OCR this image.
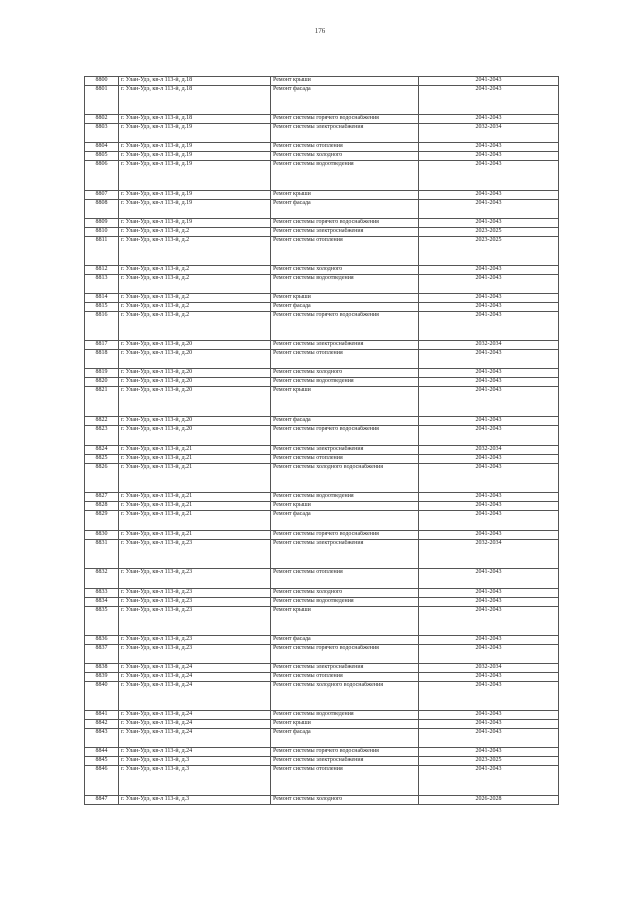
176
8800	г. Улан-Удэ, кв-л 113-й, д.18	Ремонт крыши	2041-2043
8801	г. Улан-Удэ, кв-л 113-й, д.18	Ремонт фасада	2041-2043
8802	г. Улан-Удэ, кв-л 113-й, д.18	Ремонт системы горячего водоснабжения	2041-2043
8803	г. Улан-Удэ, кв-л 113-й, д.19	Ремонт системы электроснабжения	2032-2034
8804	г. Улан-Удэ, кв-л 113-й, д.19	Ремонт системы отопления	2041-2043
8805	г. Улан-Удэ, кв-л 113-й, д.19	Ремонт системы холодного	2041-2043
8806	г. Улан-Удэ, кв-л 113-й, д.19	Ремонт системы водоотведения	2041-2043
8807	г. Улан-Удэ, кв-л 113-й, д.19	Ремонт крыши	2041-2043
8808	г. Улан-Удэ, кв-л 113-й, д.19	Ремонт фасада	2041-2043
8809	г. Улан-Удэ, кв-л 113-й, д.19	Ремонт системы горячего водоснабжения	2041-2043
8810	г. Улан-Удэ, кв-л 113-й, д.2	Ремонт системы электроснабжения	2023-2025
8811	г. Улан-Удэ, кв-л 113-й, д.2	Ремонт системы отопления	2023-2025
8812	г. Улан-Удэ, кв-л 113-й, д.2	Ремонт системы холодного	2041-2043
8813	г. Улан-Удэ, кв-л 113-й, д.2	Ремонт системы водоотведения	2041-2043
8814	г. Улан-Удэ, кв-л 113-й, д.2	Ремонт крыши	2041-2043
8815	г. Улан-Удэ, кв-л 113-й, д.2	Ремонт фасада	2041-2043
8816	г. Улан-Удэ, кв-л 113-й, д.2	Ремонт системы горячего водоснабжения	2041-2043
8817	г. Улан-Удэ, кв-л 113-й, д.20	Ремонт системы электроснабжения	2032-2034
8818	г. Улан-Удэ, кв-л 113-й, д.20	Ремонт системы отопления	2041-2043
8819	г. Улан-Удэ, кв-л 113-й, д.20	Ремонт системы холодного	2041-2043
8820	г. Улан-Удэ, кв-л 113-й, д.20	Ремонт системы водоотведения	2041-2043
8821	г. Улан-Удэ, кв-л 113-й, д.20	Ремонт крыши	2041-2043
8822	г. Улан-Удэ, кв-л 113-й, д.20	Ремонт фасада	2041-2043
8823	г. Улан-Удэ, кв-л 113-й, д.20	Ремонт системы горячего водоснабжения	2041-2043
8824	г. Улан-Удэ, кв-л 113-й, д.21	Ремонт системы электроснабжения	2032-2034
8825	г. Улан-Удэ, кв-л 113-й, д.21	Ремонт системы отопления	2041-2043
8826	г. Улан-Удэ, кв-л 113-й, д.21	Ремонт системы холодного водоснабжения	2041-2043
8827	г. Улан-Удэ, кв-л 113-й, д.21	Ремонт системы водоотведения	2041-2043
8828	г. Улан-Удэ, кв-л 113-й, д.21	Ремонт крыши	2041-2043
8829	г. Улан-Удэ, кв-л 113-й, д.21	Ремонт фасада	2041-2043
8830	г. Улан-Удэ, кв-л 113-й, д.21	Ремонт системы горячего водоснабжения	2041-2043
8831	г. Улан-Удэ, кв-л 113-й, д.23	Ремонт системы электроснабжения	2032-2034
8832	г. Улан-Удэ, кв-л 113-й, д.23	Ремонт системы отопления	2041-2043
8833	г. Улан-Удэ, кв-л 113-й, д.23	Ремонт системы холодного	2041-2043
8834	г. Улан-Удэ, кв-л 113-й, д.23	Ремонт системы водоотведения	2041-2043
8835	г. Улан-Удэ, кв-л 113-й, д.23	Ремонт крыши	2041-2043
8836	г. Улан-Удэ, кв-л 113-й, д.23	Ремонт фасада	2041-2043
8837	г. Улан-Удэ, кв-л 113-й, д.23	Ремонт системы горячего водоснабжения	2041-2043
8838	г. Улан-Удэ, кв-л 113-й, д.24	Ремонт системы электроснабжения	2032-2034
8839	г. Улан-Удэ, кв-л 113-й, д.24	Ремонт системы отопления	2041-2043
8840	г. Улан-Удэ, кв-л 113-й, д.24	Ремонт системы холодного водоснабжения	2041-2043
8841	г. Улан-Удэ, кв-л 113-й, д.24	Ремонт системы водоотведения	2041-2043
8842	г. Улан-Удэ, кв-л 113-й, д.24	Ремонт крыши	2041-2043
8843	г. Улан-Удэ, кв-л 113-й, д.24	Ремонт фасада	2041-2043
8844	г. Улан-Удэ, кв-л 113-й, д.24	Ремонт системы горячего водоснабжения	2041-2043
8845	г. Улан-Удэ, кв-л 113-й, д.3	Ремонт системы электроснабжения	2023-2025
8846	г. Улан-Удэ, кв-л 113-й, д.3	Ремонт системы отопления	2041-2043
8847	г. Улан-Удэ, кв-л 113-й, д.3	Ремонт системы холодного	2026-2028
